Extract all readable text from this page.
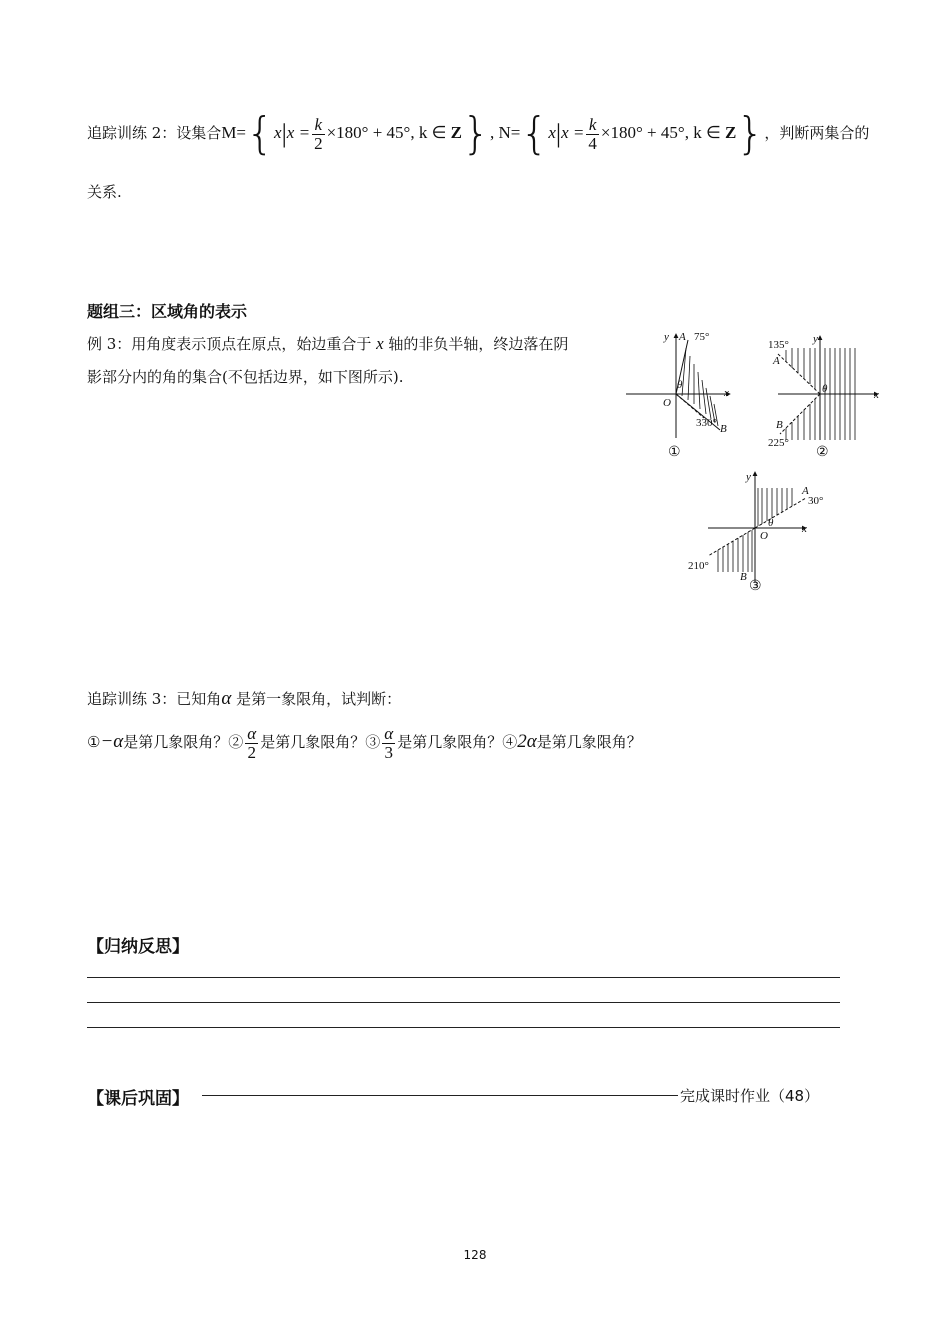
追踪训练 2：设集合$M=\{x|x = \frac{k}{2} \times 180^\circ + 45^\circ$, k ∈ Z}, $N=\{x|x = \frac{k}{4} \times 180^\circ + 45^\circ$, k ∈ Z}，判断两集合的
关系.
题组三：区域角的表示
例 3：用角度表示顶点在原点，始边重合于 x 轴的非负半轴，终边落在阴
影部分内的角的集合(不包括边界，如下图所示).
y
x
O
A
B
θ
75°
330°
①
y
x
A
B
θ
135°
225°
②
y
x
O
A
B
θ
30°
210°
③
追踪训练 3：已知角α 是第一象限角，试判断：
①−α是第几象限角？② $\frac{\alpha}{2}$ 是第几象限角？③ $\frac{\alpha}{3}$ 是第几象限角？④2α是第几象限角？
【归纳反思】
【课后巩固】	完成课时作业（48）
128
